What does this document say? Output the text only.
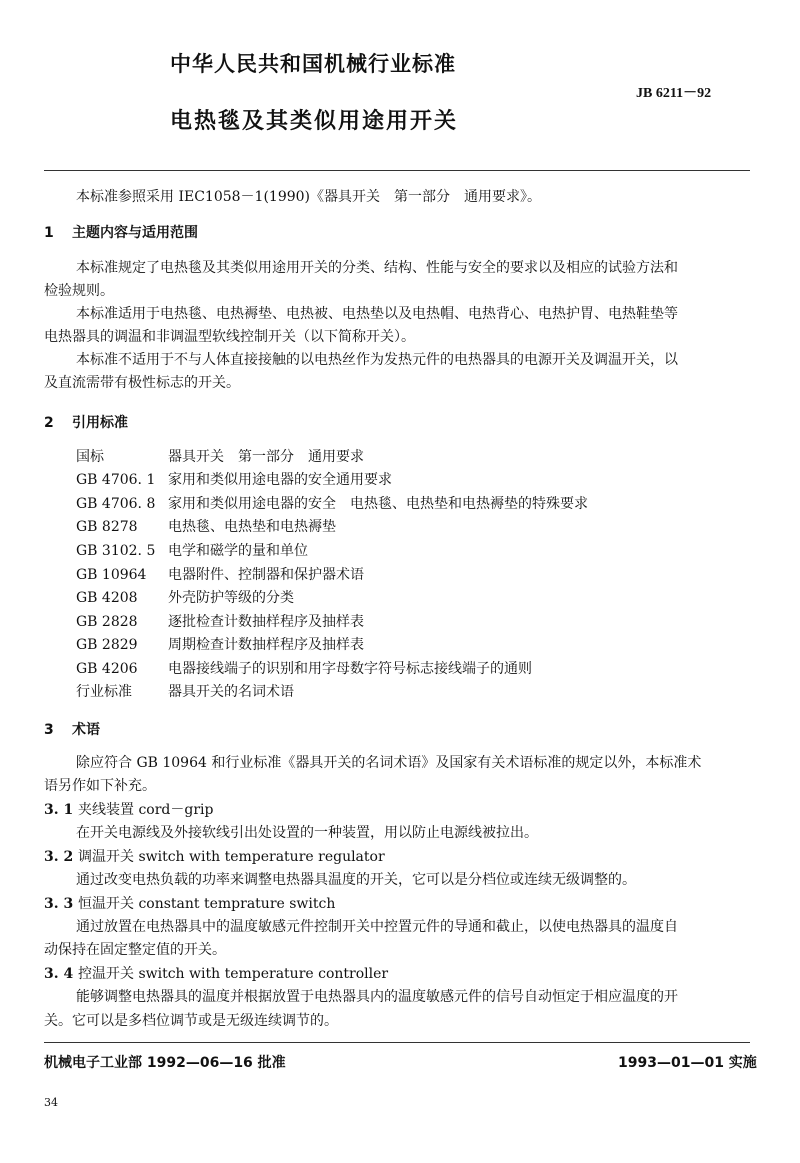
中华人民共和国机械行业标准
JB 6211－92
电热毯及其类似用途用开关
本标准参照采用 IEC1058－1(1990)《器具开关　第一部分　通用要求》。
1 主题内容与适用范围
本标准规定了电热毯及其类似用途用开关的分类、结构、性能与安全的要求以及相应的试验方法和
检验规则。
本标准适用于电热毯、电热褥垫、电热被、电热垫以及电热帽、电热背心、电热护胃、电热鞋垫等
电热器具的调温和非调温型软线控制开关（以下简称开关）。
本标准不适用于不与人体直接接触的以电热丝作为发热元件的电热器具的电源开关及调温开关，以
及直流需带有极性标志的开关。
2 引用标准
国标	器具开关　第一部分　通用要求
GB 4706. 1 家用和类似用途电器的安全通用要求
GB 4706. 8 家用和类似用途电器的安全　电热毯、电热垫和电热褥垫的特殊要求
GB 8278 电热毯、电热垫和电热褥垫
GB 3102. 5 电学和磁学的量和单位
GB 10964 电器附件、控制器和保护器术语
GB 4208 外壳防护等级的分类
GB 2828 逐批检查计数抽样程序及抽样表
GB 2829 周期检查计数抽样程序及抽样表
GB 4206 电器接线端子的识别和用字母数字符号标志接线端子的通则
行业标准	器具开关的名词术语
3 术语
除应符合 GB 10964 和行业标准《器具开关的名词术语》及国家有关术语标准的规定以外，本标准术
语另作如下补充。
3. 1 夹线装置 cord－grip
在开关电源线及外接软线引出处设置的一种装置，用以防止电源线被拉出。
3. 2 调温开关 switch with temperature regulator
通过改变电热负载的功率来调整电热器具温度的开关，它可以是分档位或连续无级调整的。
3. 3 恒温开关 constant temprature switch
通过放置在电热器具中的温度敏感元件控制开关中控置元件的导通和截止，以使电热器具的温度自
动保持在固定整定值的开关。
3. 4 控温开关 switch with temperature controller
能够调整电热器具的温度并根据放置于电热器具内的温度敏感元件的信号自动恒定于相应温度的开
关。它可以是多档位调节或是无级连续调节的。
机械电子工业部 1992—06—16 批准	1993—01—01 实施
34
